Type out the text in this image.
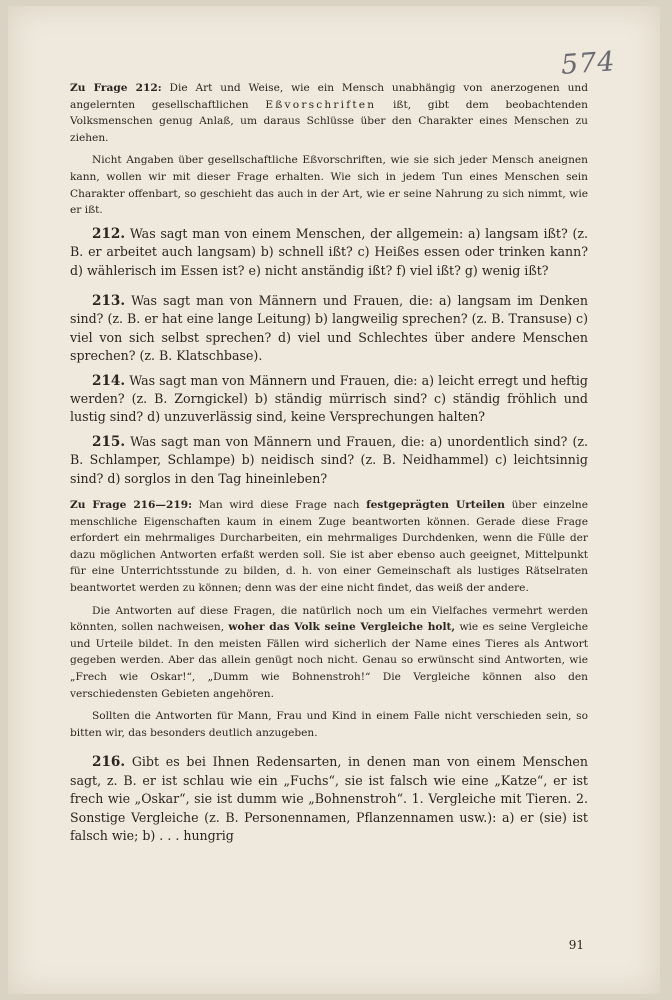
574

Zu Frage 212: Die Art und Weise, wie ein Mensch unabhängig von anerzogenen und angelernten gesellschaftlichen Eßvorschriften ißt, gibt dem beobachtenden Volksmenschen genug Anlaß, um daraus Schlüsse über den Charakter eines Menschen zu ziehen.

Nicht Angaben über gesellschaftliche Eßvorschriften, wie sie sich jeder Mensch aneignen kann, wollen wir mit dieser Frage erhalten. Wie sich in jedem Tun eines Menschen sein Charakter offenbart, so geschieht das auch in der Art, wie er seine Nahrung zu sich nimmt, wie er ißt.

212. Was sagt man von einem Menschen, der allgemein: a) langsam ißt? (z. B. er arbeitet auch langsam) b) schnell ißt? c) Heißes essen oder trinken kann? d) wählerisch im Essen ist? e) nicht anständig ißt? f) viel ißt? g) wenig ißt?

213. Was sagt man von Männern und Frauen, die: a) langsam im Denken sind? (z. B. er hat eine lange Leitung) b) langweilig sprechen? (z. B. Transuse) c) viel von sich selbst sprechen? d) viel und Schlechtes über andere Menschen sprechen? (z. B. Klatschbase).

214. Was sagt man von Männern und Frauen, die: a) leicht erregt und heftig werden? (z. B. Zorngickel) b) ständig mürrisch sind? c) ständig fröhlich und lustig sind? d) unzuverlässig sind, keine Versprechungen halten?

215. Was sagt man von Männern und Frauen, die: a) unordentlich sind? (z. B. Schlamper, Schlampe) b) neidisch sind? (z. B. Neidhammel) c) leichtsinnig sind? d) sorglos in den Tag hineinleben?

Zu Frage 216—219: Man wird diese Frage nach festgeprägten Urteilen über einzelne menschliche Eigenschaften kaum in einem Zuge beantworten können. Gerade diese Frage erfordert ein mehrmaliges Durcharbeiten, ein mehrmaliges Durchdenken, wenn die Fülle der dazu möglichen Antworten erfaßt werden soll. Sie ist aber ebenso auch geeignet, Mittelpunkt für eine Unterrichtsstunde zu bilden, d. h. von einer Gemeinschaft als lustiges Rätselraten beantwortet werden zu können; denn was der eine nicht findet, das weiß der andere.

Die Antworten auf diese Fragen, die natürlich noch um ein Vielfaches vermehrt werden könnten, sollen nachweisen, woher das Volk seine Vergleiche holt, wie es seine Vergleiche und Urteile bildet. In den meisten Fällen wird sicherlich der Name eines Tieres als Antwort gegeben werden. Aber das allein genügt noch nicht. Genau so erwünscht sind Antworten, wie „Frech wie Oskar!“, „Dumm wie Bohnenstroh!“ Die Vergleiche können also den verschiedensten Gebieten angehören.

Sollten die Antworten für Mann, Frau und Kind in einem Falle nicht verschieden sein, so bitten wir, das besonders deutlich anzugeben.

216. Gibt es bei Ihnen Redensarten, in denen man von einem Menschen sagt, z. B. er ist schlau wie ein „Fuchs“, sie ist falsch wie eine „Katze“, er ist frech wie „Oskar“, sie ist dumm wie „Bohnenstroh“. 1. Vergleiche mit Tieren. 2. Sonstige Vergleiche (z. B. Personennamen, Pflanzennamen usw.): a) er (sie) ist falsch wie; b) . . . hungrig

91
